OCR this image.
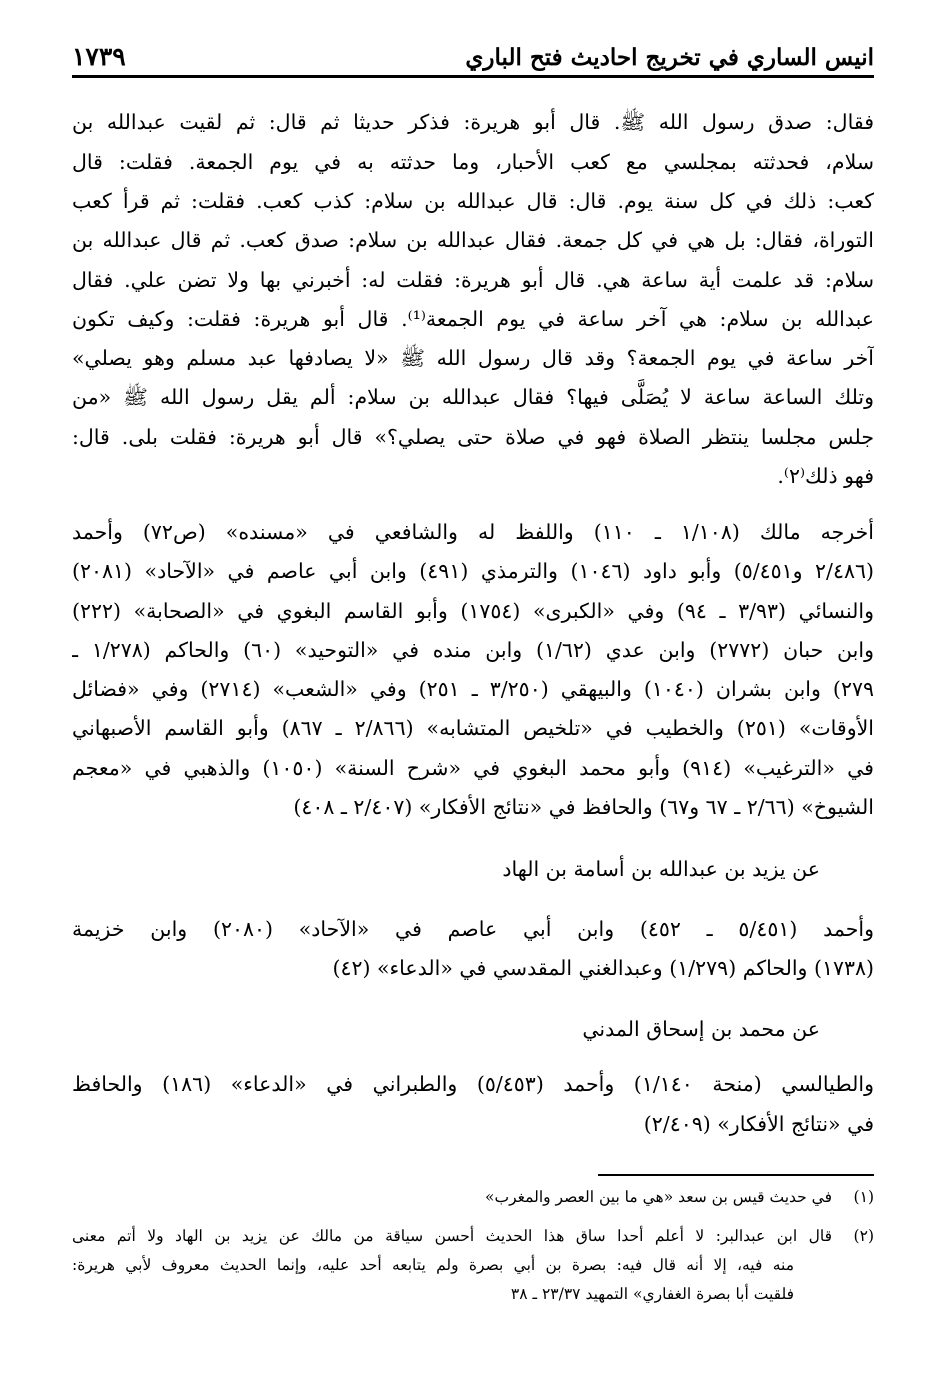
انيس الساري في تخريج احاديث فتح الباري
١٧٣٩
فقال: صدق رسول الله ﷺ. قال أبو هريرة: فذكر حديثا ثم قال: ثم لقيت عبدالله بن
سلام، فحدثته بمجلسي مع كعب الأحبار، وما حدثته به في يوم الجمعة. فقلت: قال
كعب: ذلك في كل سنة يوم. قال: قال عبدالله بن سلام: كذب كعب. فقلت: ثم قرأ كعب
التوراة، فقال: بل هي في كل جمعة. فقال عبدالله بن سلام: صدق كعب. ثم قال عبدالله بن
سلام: قد علمت أية ساعة هي. قال أبو هريرة: فقلت له: أخبرني بها ولا تضن علي. فقال
عبدالله بن سلام: هي آخر ساعة في يوم الجمعة⁽¹⁾. قال أبو هريرة: فقلت: وكيف تكون
آخر ساعة في يوم الجمعة؟ وقد قال رسول الله ﷺ «لا يصادفها عبد مسلم وهو يصلي»
وتلك الساعة ساعة لا يُصَلَّى فيها؟ فقال عبدالله بن سلام: ألم يقل رسول الله ﷺ «من
جلس مجلسا ينتظر الصلاة فهو في صلاة حتى يصلي؟» قال أبو هريرة: فقلت بلى. قال:
فهو ذلك⁽٢⁾.
أخرجه مالك (١/١٠٨ ـ ١١٠) واللفظ له والشافعي في «مسنده» (ص٧٢) وأحمد
(٢/٤٨٦ و٥/٤٥١) وأبو داود (١٠٤٦) والترمذي (٤٩١) وابن أبي عاصم في «الآحاد» (٢٠٨١)
والنسائي (٣/٩٣ ـ ٩٤) وفي «الكبرى» (١٧٥٤) وأبو القاسم البغوي في «الصحابة» (٢٢٢)
وابن حبان (٢٧٧٢) وابن عدي (١/٦٢) وابن منده في «التوحيد» (٦٠) والحاكم (١/٢٧٨ ـ
٢٧٩) وابن بشران (١٠٤٠) والبيهقي (٣/٢٥٠ ـ ٢٥١) وفي «الشعب» (٢٧١٤) وفي «فضائل
الأوقات» (٢٥١) والخطيب في «تلخيص المتشابه» (٢/٨٦٦ ـ ٨٦٧) وأبو القاسم الأصبهاني
في «الترغيب» (٩١٤) وأبو محمد البغوي في «شرح السنة» (١٠٥٠) والذهبي في «معجم
الشيوخ» (٢/٦٦ ـ ٦٧ و٦٧) والحافظ في «نتائج الأفكار» (٢/٤٠٧ ـ ٤٠٨)
عن يزيد بن عبدالله بن أسامة بن الهاد
وأحمد (٥/٤٥١ ـ ٤٥٢) وابن أبي عاصم في «الآحاد» (٢٠٨٠) وابن خزيمة
(١٧٣٨) والحاكم (١/٢٧٩) وعبدالغني المقدسي في «الدعاء» (٤٢)
عن محمد بن إسحاق المدني
والطيالسي (منحة ١/١٤٠) وأحمد (٥/٤٥٣) والطبراني في «الدعاء» (١٨٦) والحافظ
في «نتائج الأفكار» (٢/٤٠٩)
(١)
في حديث قيس بن سعد «هي ما بين العصر والمغرب»
(٢)
قال ابن عبدالبر: لا أعلم أحدا ساق هذا الحديث أحسن سياقة من مالك عن يزيد بن الهاد ولا أتم معنى
منه فيه، إلا أنه قال فيه: بصرة بن أبي بصرة ولم يتابعه أحد عليه، وإنما الحديث معروف لأبي هريرة:
فلقيت أبا بصرة الغفاري» التمهيد ٢٣/٣٧ ـ ٣٨
